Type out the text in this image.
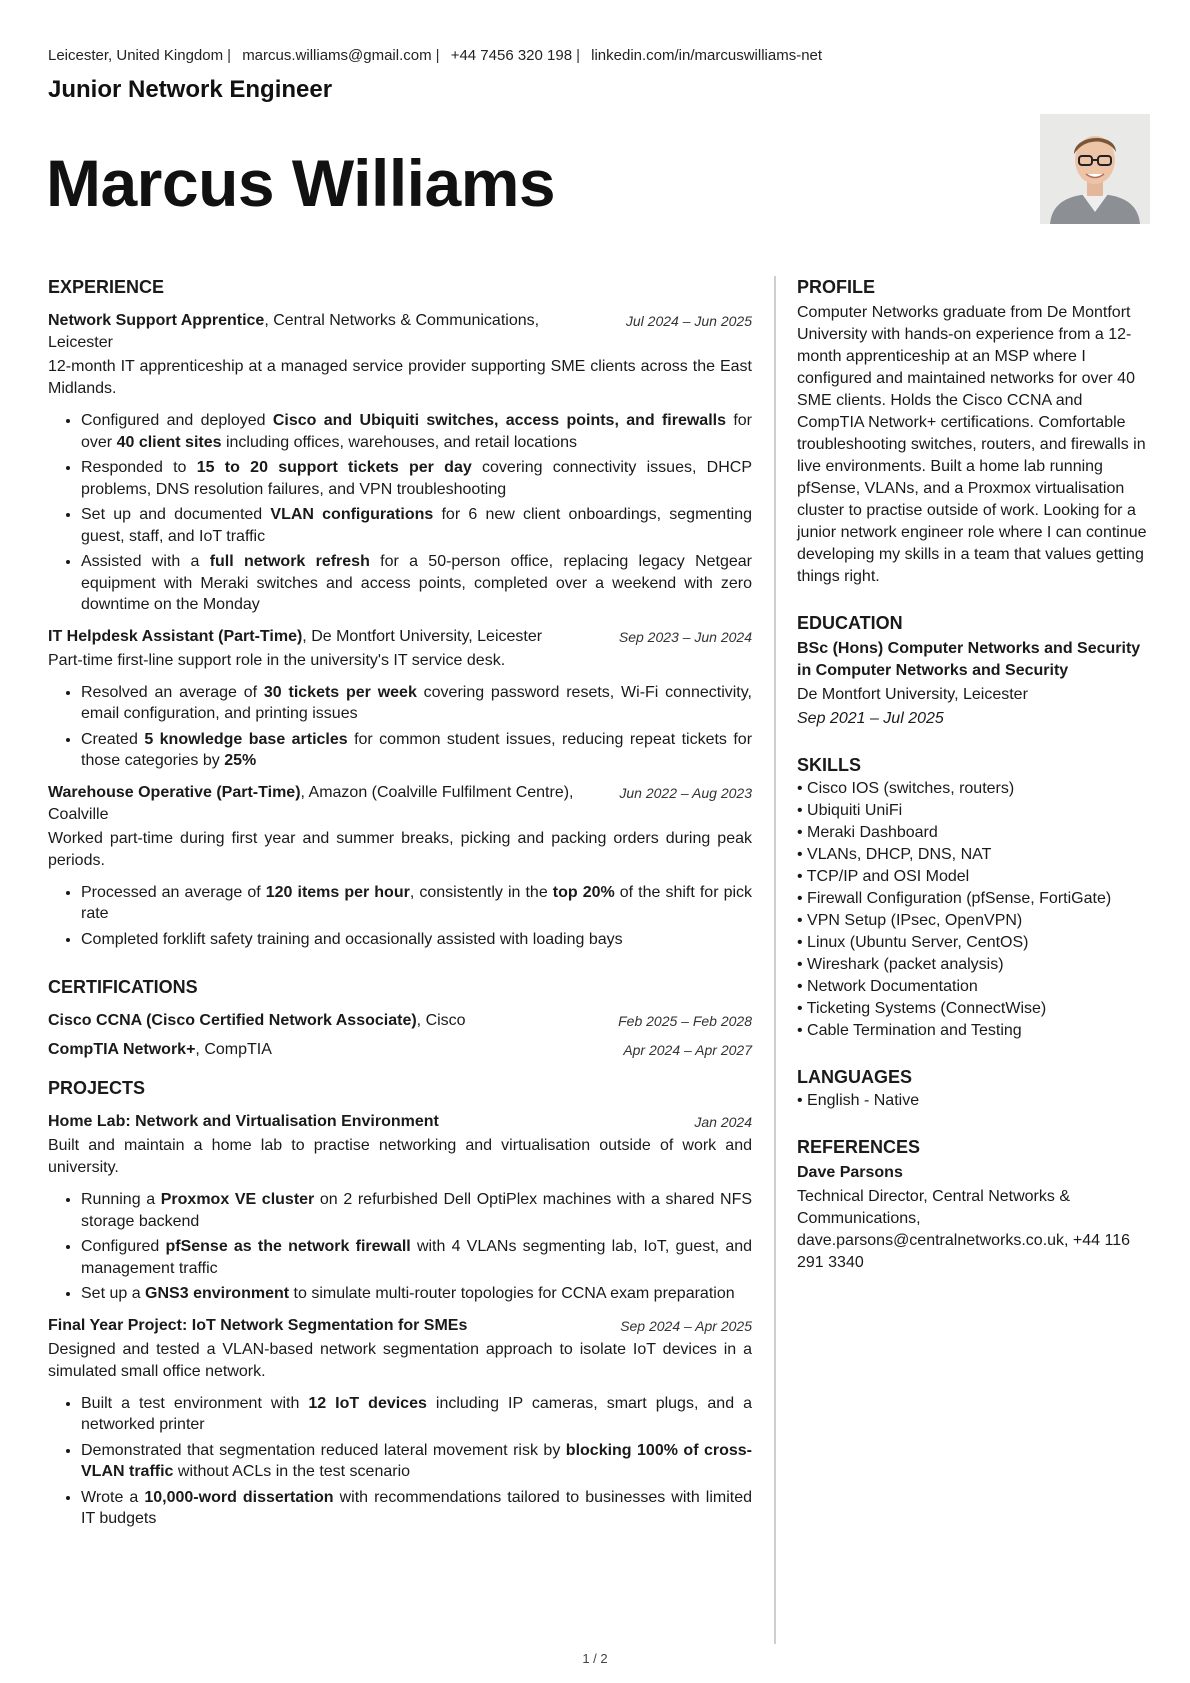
Leicester, United Kingdom | marcus.williams@gmail.com | +44 7456 320 198 | linkedin.com/in/marcuswilliams-net
Junior Network Engineer
Marcus Williams
EXPERIENCE
Network Support Apprentice, Central Networks & Communications, Leicester
Jul 2024 – Jun 2025
12-month IT apprenticeship at a managed service provider supporting SME clients across the East Midlands.
• Configured and deployed Cisco and Ubiquiti switches, access points, and firewalls for over 40 client sites including offices, warehouses, and retail locations
• Responded to 15 to 20 support tickets per day covering connectivity issues, DHCP problems, DNS resolution failures, and VPN troubleshooting
• Set up and documented VLAN configurations for 6 new client onboardings, segmenting guest, staff, and IoT traffic
• Assisted with a full network refresh for a 50-person office, replacing legacy Netgear equipment with Meraki switches and access points, completed over a weekend with zero downtime on the Monday
IT Helpdesk Assistant (Part-Time), De Montfort University, Leicester	Sep 2023 – Jun 2024
Part-time first-line support role in the university's IT service desk.
• Resolved an average of 30 tickets per week covering password resets, Wi-Fi connectivity, email configuration, and printing issues
• Created 5 knowledge base articles for common student issues, reducing repeat tickets for those categories by 25%
Warehouse Operative (Part-Time), Amazon (Coalville Fulfilment Centre), Coalville
Jun 2022 – Aug 2023
Worked part-time during first year and summer breaks, picking and packing orders during peak periods.
• Processed an average of 120 items per hour, consistently in the top 20% of the shift for pick rate
• Completed forklift safety training and occasionally assisted with loading bays
CERTIFICATIONS
Cisco CCNA (Cisco Certified Network Associate), Cisco	Feb 2025 – Feb 2028
CompTIA Network+, CompTIA	Apr 2024 – Apr 2027
PROJECTS
Home Lab: Network and Virtualisation Environment	Jan 2024
Built and maintain a home lab to practise networking and virtualisation outside of work and university.
• Running a Proxmox VE cluster on 2 refurbished Dell OptiPlex machines with a shared NFS storage backend
• Configured pfSense as the network firewall with 4 VLANs segmenting lab, IoT, guest, and management traffic
• Set up a GNS3 environment to simulate multi-router topologies for CCNA exam preparation
Final Year Project: IoT Network Segmentation for SMEs	Sep 2024 – Apr 2025
Designed and tested a VLAN-based network segmentation approach to isolate IoT devices in a simulated small office network.
• Built a test environment with 12 IoT devices including IP cameras, smart plugs, and a networked printer
• Demonstrated that segmentation reduced lateral movement risk by blocking 100% of cross-VLAN traffic without ACLs in the test scenario
• Wrote a 10,000-word dissertation with recommendations tailored to businesses with limited IT budgets
PROFILE
Computer Networks graduate from De Montfort University with hands-on experience from a 12-month apprenticeship at an MSP where I configured and maintained networks for over 40 SME clients. Holds the Cisco CCNA and CompTIA Network+ certifications. Comfortable troubleshooting switches, routers, and firewalls in live environments. Built a home lab running pfSense, VLANs, and a Proxmox virtualisation cluster to practise outside of work. Looking for a junior network engineer role where I can continue developing my skills in a team that values getting things right.
EDUCATION
BSc (Hons) Computer Networks and Security in Computer Networks and Security
De Montfort University, Leicester
Sep 2021 – Jul 2025
SKILLS
• Cisco IOS (switches, routers)
• Ubiquiti UniFi
• Meraki Dashboard
• VLANs, DHCP, DNS, NAT
• TCP/IP and OSI Model
• Firewall Configuration (pfSense, FortiGate)
• VPN Setup (IPsec, OpenVPN)
• Linux (Ubuntu Server, CentOS)
• Wireshark (packet analysis)
• Network Documentation
• Ticketing Systems (ConnectWise)
• Cable Termination and Testing
LANGUAGES
• English - Native
REFERENCES
Dave Parsons
Technical Director, Central Networks & Communications, dave.parsons@centralnetworks.co.uk, +44 116 291 3340
1 / 2
